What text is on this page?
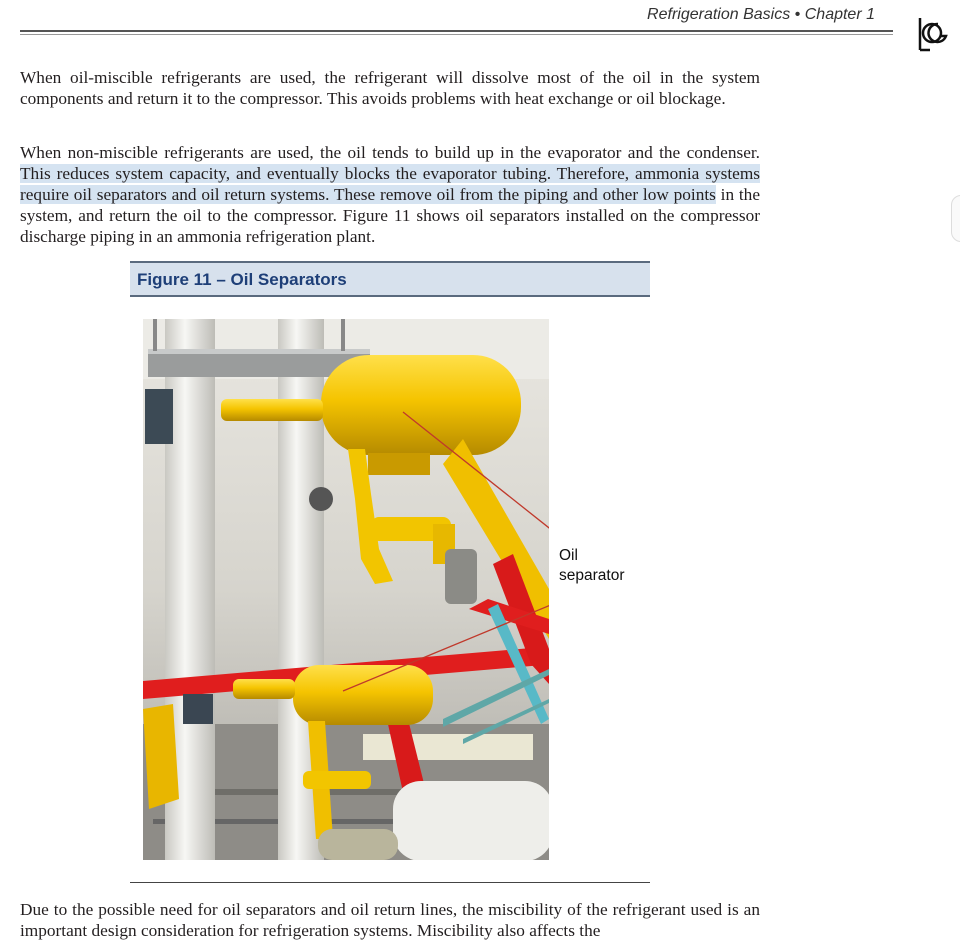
Refrigeration Basics • Chapter 1

When oil-miscible refrigerants are used, the refrigerant will dissolve most of the oil in the system components and return it to the compressor. This avoids problems with heat exchange or oil blockage.

When non-miscible refrigerants are used, the oil tends to build up in the evaporator and the condenser. This reduces system capacity, and eventually blocks the evaporator tubing. Therefore, ammonia systems require oil separators and oil return systems. These remove oil from the piping and other low points in the system, and return the oil to the compressor. Figure 11 shows oil separators installed on the compressor discharge piping in an ammonia refrigeration plant.

Figure 11 – Oil Separators
Oil
separator

Due to the possible need for oil separators and oil return lines, the miscibility of the refrigerant used is an important design consideration for refrigeration systems. Miscibility also affects the
